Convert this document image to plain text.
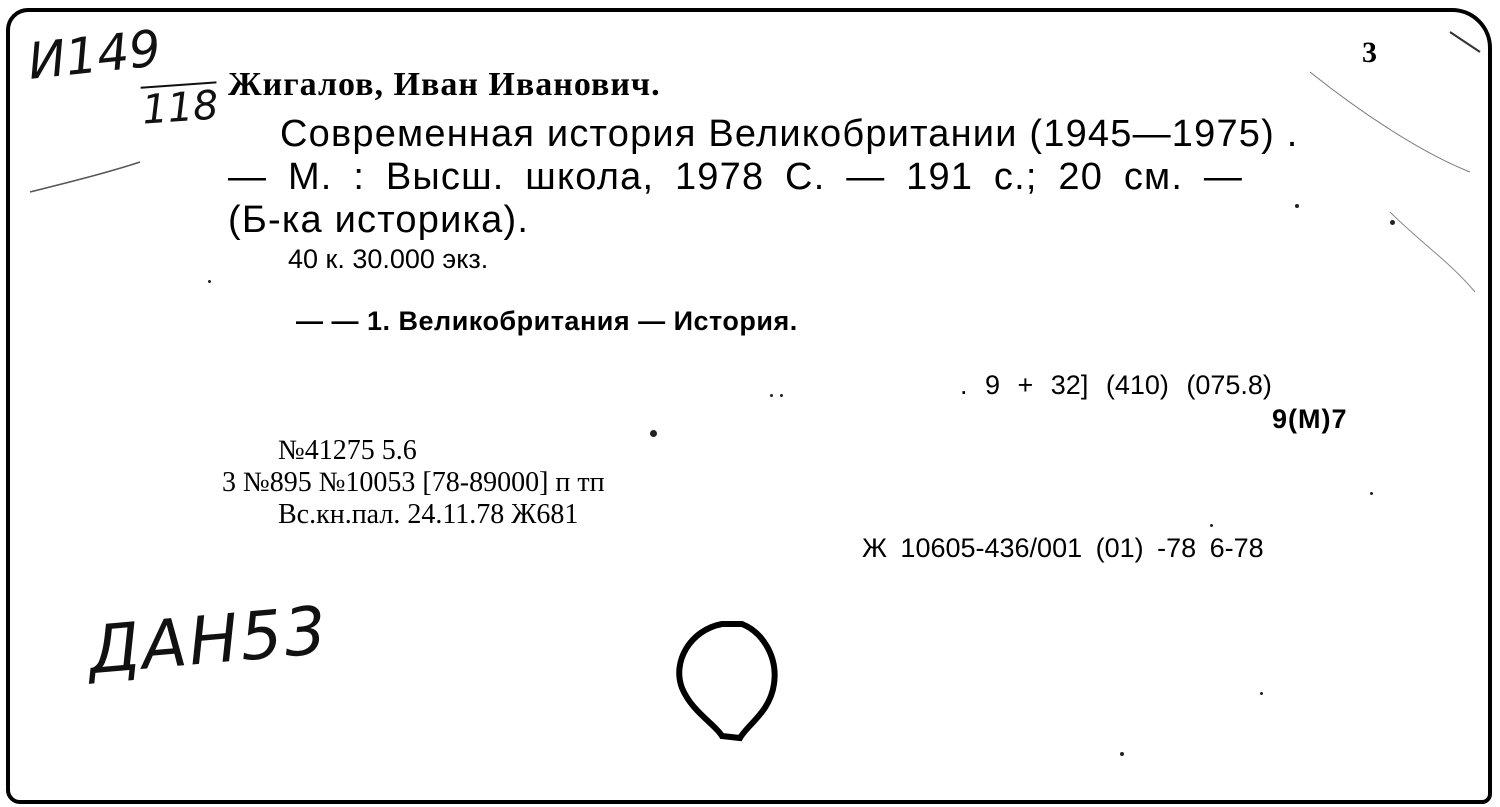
И149
118
3
Жигалов, Иван Иванович.
Современная история Великобритании (1945—1975) .
— М. : Высш. школа, 1978 С. — 191 с.; 20 см. —
(Б-ка историка).
40 к. 30.000 экз.
— — 1. Великобритания — История.
. 9 + 32] (410) (075.8)
9(М)7
№41275 5.6
3 №895 №10053 [78-89000] п тп
Вс.кн.пал. 24.11.78 Ж681
Ж 10605-436/001 (01) -78 6-78
ДАН53
